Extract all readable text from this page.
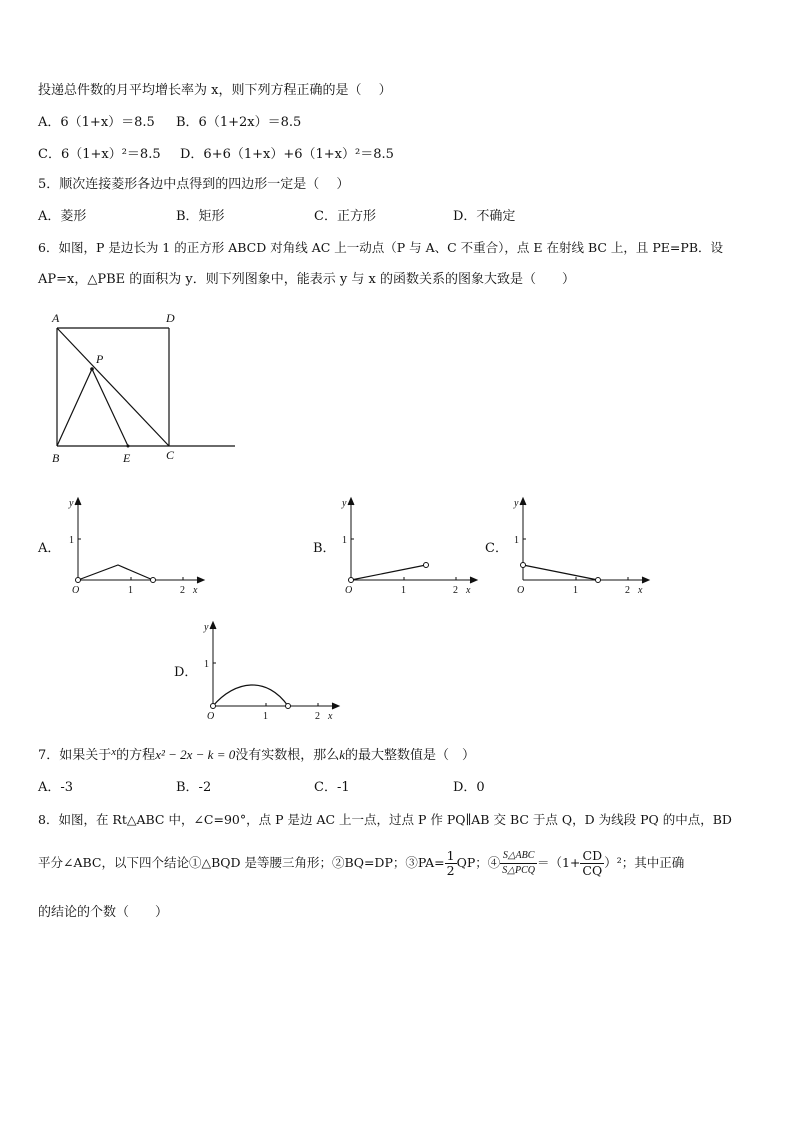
投递总件数的月平均增长率为 x，则下列方程正确的是（　 ）
A．6（1+x）＝8.5 B．6（1+2x）＝8.5
C．6（1+x）²＝8.5 D．6+6（1+x）+6（1+x）²＝8.5
5．顺次连接菱形各边中点得到的四边形一定是（　 ）
A．菱形	B．矩形	C．正方形	D．不确定
6．如图，P 是边长为 1 的正方形 ABCD 对角线 AC 上一动点（P 与 A、C 不重合），点 E 在射线 BC 上，且 PE=PB．设
AP=x，△PBE 的面积为 y．则下列图象中，能表示 y 与 x 的函数关系的图象大致是（　　）
A	D
P
B	E	C
A．
y
1
O	1	2 x
B．
y
1
O	1	2 x
C．
y
1
O	1	2 x
D．
y
1
O	1	2 x
7．如果关于$^x$的方程x² − 2x − k = 0没有实数根，那么k的最大整数值是（　）
A．-3	B．-2	C．-1	D．0
8．如图，在 Rt△ABC 中，∠C=90°，点 P 是边 AC 上一点，过点 P 作 PQ∥AB 交 BC 于点 Q，D 为线段 PQ 的中点，BD
平分∠ABC，以下四个结论①△BQD 是等腰三角形；②BQ=DP；③PA= $\frac{1}{2}$ QP；④ $\frac{\text{S△ABC}}{\text{S△PCQ}} =(1+ \frac{CD}{CQ} )^2$；其中正确
的结论的个数（　　）
